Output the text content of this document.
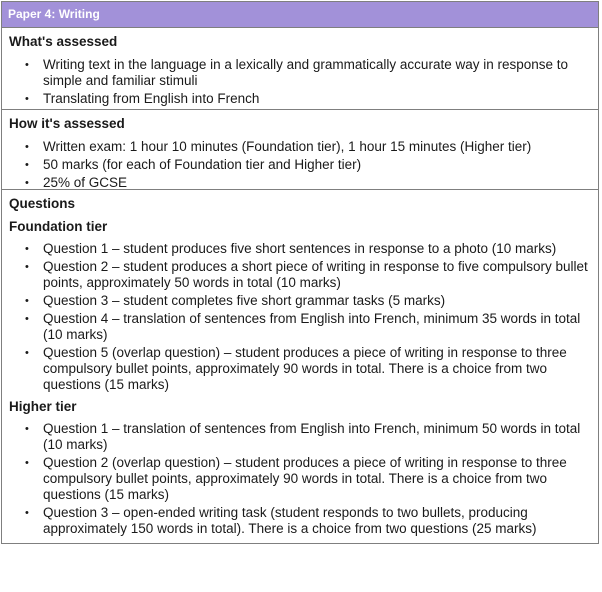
Paper 4: Writing
What's assessed
• Writing text in the language in a lexically and grammatically accurate way in response to simple and familiar stimuli
• Translating from English into French
How it's assessed
• Written exam: 1 hour 10 minutes (Foundation tier), 1 hour 15 minutes (Higher tier)
• 50 marks (for each of Foundation tier and Higher tier)
• 25% of GCSE
Questions
Foundation tier
• Question 1 – student produces five short sentences in response to a photo (10 marks)
• Question 2 – student produces a short piece of writing in response to five compulsory bullet points, approximately 50 words in total (10 marks)
• Question 3 – student completes five short grammar tasks (5 marks)
• Question 4 – translation of sentences from English into French, minimum 35 words in total (10 marks)
• Question 5 (overlap question) – student produces a piece of writing in response to three compulsory bullet points, approximately 90 words in total. There is a choice from two questions (15 marks)
Higher tier
• Question 1 – translation of sentences from English into French, minimum 50 words in total (10 marks)
• Question 2 (overlap question) – student produces a piece of writing in response to three compulsory bullet points, approximately 90 words in total. There is a choice from two questions (15 marks)
• Question 3 – open-ended writing task (student responds to two bullets, producing approximately 150 words in total). There is a choice from two questions (25 marks)
